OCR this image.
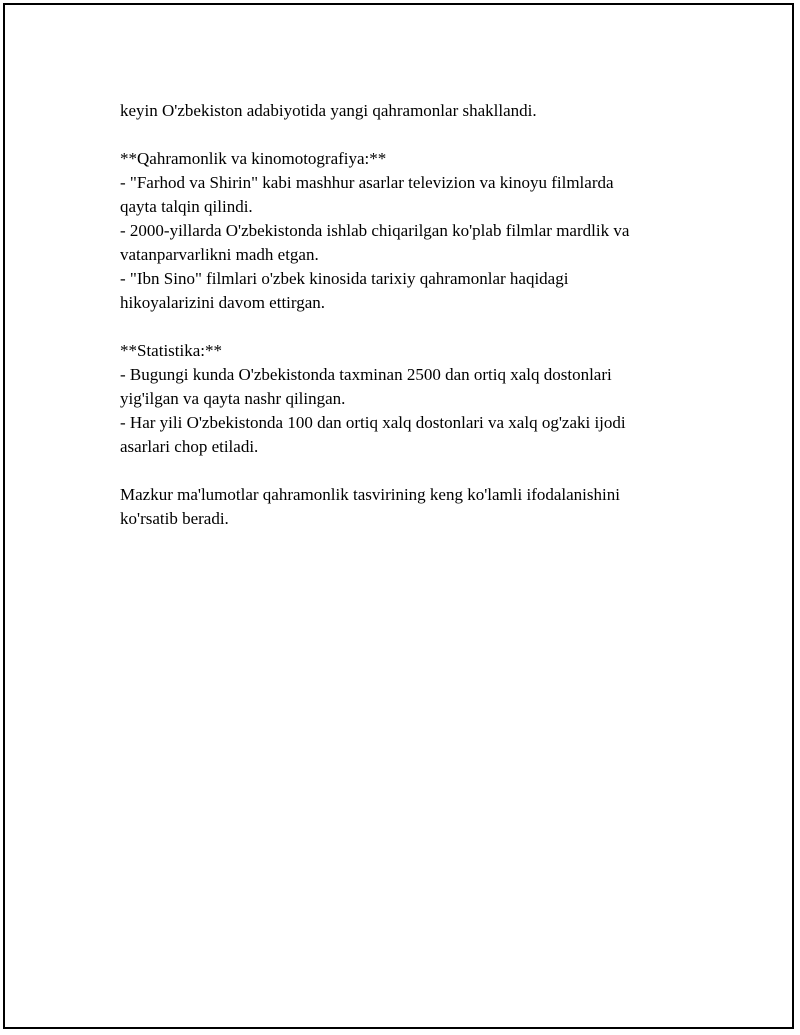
keyin O'zbekiston adabiyotida yangi qahramonlar shakllandi.

**Qahramonlik va kinomotografiya:**

- "Farhod va Shirin" kabi mashhur asarlar televizion va kinoyu filmlarda

qayta talqin qilindi.

- 2000-yillarda O'zbekistonda ishlab chiqarilgan ko'plab filmlar mardlik va

vatanparvarlikni madh etgan.

- "Ibn Sino" filmlari o'zbek kinosida tarixiy qahramonlar haqidagi

hikoyalarizini davom ettirgan.

**Statistika:**

- Bugungi kunda O'zbekistonda taxminan 2500 dan ortiq xalq dostonlari

yig'ilgan va qayta nashr qilingan.

- Har yili O'zbekistonda 100 dan ortiq xalq dostonlari va xalq og'zaki ijodi

asarlari chop etiladi.

Mazkur ma'lumotlar qahramonlik tasvirining keng ko'lamli ifodalanishini

ko'rsatib beradi.
